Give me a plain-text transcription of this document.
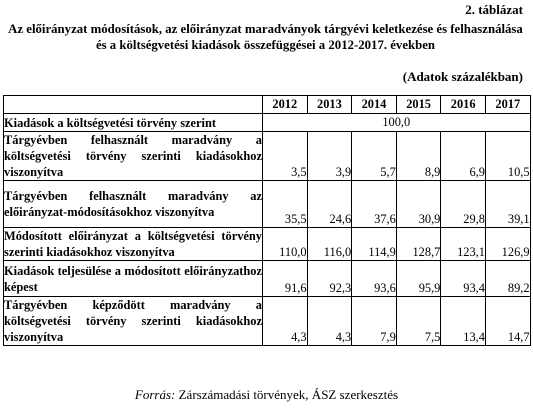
2. táblázat
Az előirányzat módosítások, az előirányzat maradványok tárgyévi keletkezése és felhasználása és a költségvetési kiadások összefüggései a 2012-2017. években
(Adatok százalékban)
	2012	2013	2014	2015	2016	2017
Kiadások a költségvetési törvény szerint	100,0					
Tárgyévben felhasznált maradvány a költségvetési törvény szerinti kiadásokhoz viszonyítva	3,5	3,9	5,7	8,9	6,9	10,5
Tárgyévben felhasznált maradvány az előirányzat-módosításokhoz viszonyítva	35,5	24,6	37,6	30,9	29,8	39,1
Módosított előirányzat a költségvetési törvény szerinti kiadásokhoz viszonyítva	110,0	116,0	114,9	128,7	123,1	126,9
Kiadások teljesülése a módosított előirányzathoz képest	91,6	92,3	93,6	95,9	93,4	89,2
Tárgyévben képződött maradvány a költségvetési törvény szerinti kiadásokhoz viszonyítva	4,3	4,3	7,9	7,5	13,4	14,7
Forrás: Zárszámadási törvények, ÁSZ szerkesztés
